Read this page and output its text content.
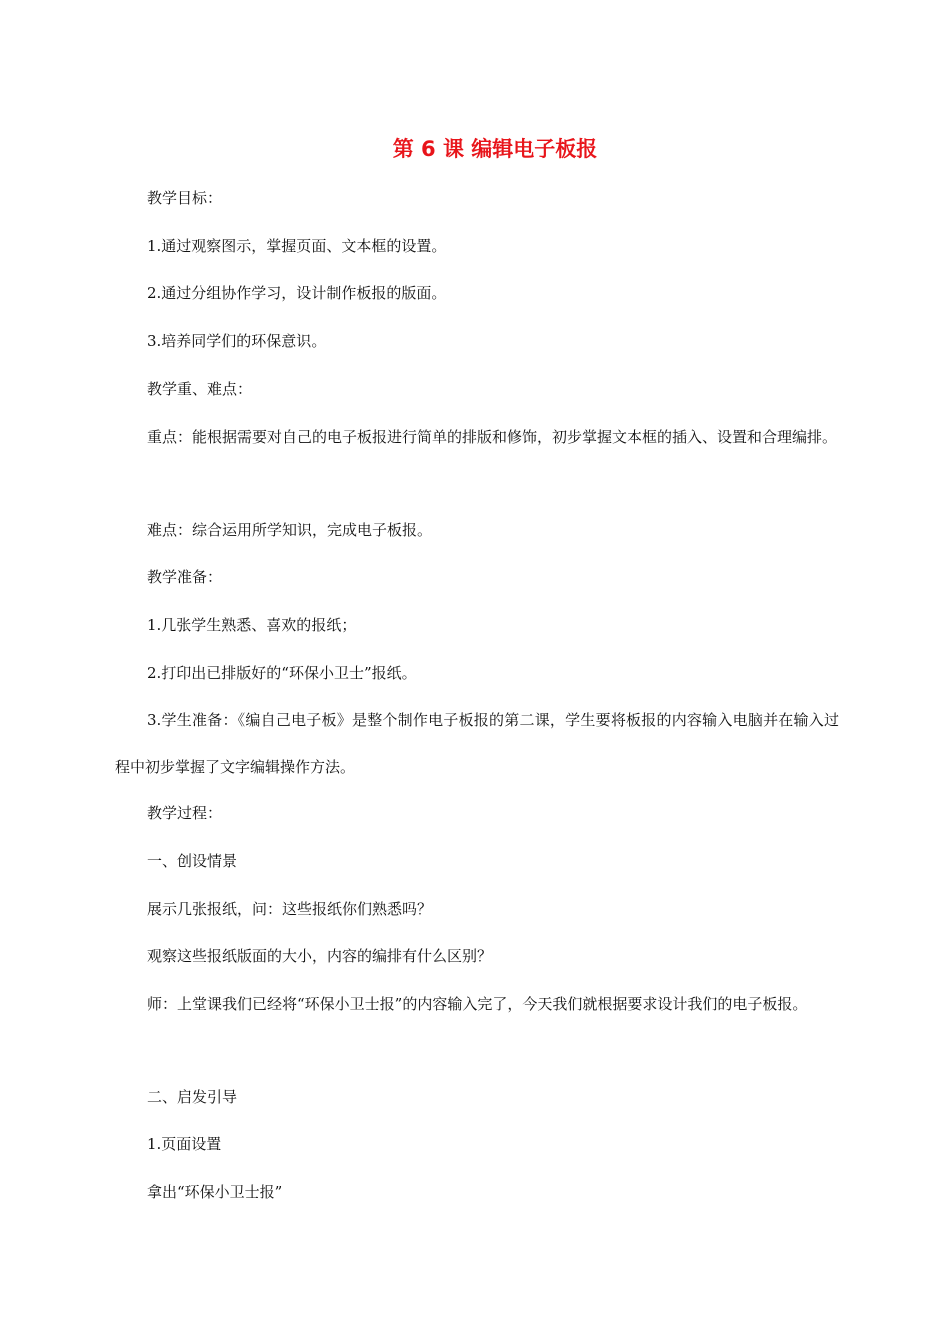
第 6 课 编辑电子板报

教学目标：

1.通过观察图示，掌握页面、文本框的设置。

2.通过分组协作学习，设计制作板报的版面。

3.培养同学们的环保意识。

教学重、难点：

重点：能根据需要对自己的电子板报进行简单的排版和修饰，初步掌握文本框的插入、设置和合理编排。

难点：综合运用所学知识，完成电子板报。

教学准备：

1.几张学生熟悉、喜欢的报纸；

2.打印出已排版好的“环保小卫士”报纸。

3.学生准备：《编自己电子板》是整个制作电子板报的第二课，学生要将板报的内容输入电脑并在输入过程中初步掌握了文字编辑操作方法。

教学过程：

一、创设情景

展示几张报纸，问：这些报纸你们熟悉吗？

观察这些报纸版面的大小，内容的编排有什么区别？

师：上堂课我们已经将“环保小卫士报”的内容输入完了，今天我们就根据要求设计我们的电子板报。

二、启发引导

1.页面设置

拿出“环保小卫士报”
